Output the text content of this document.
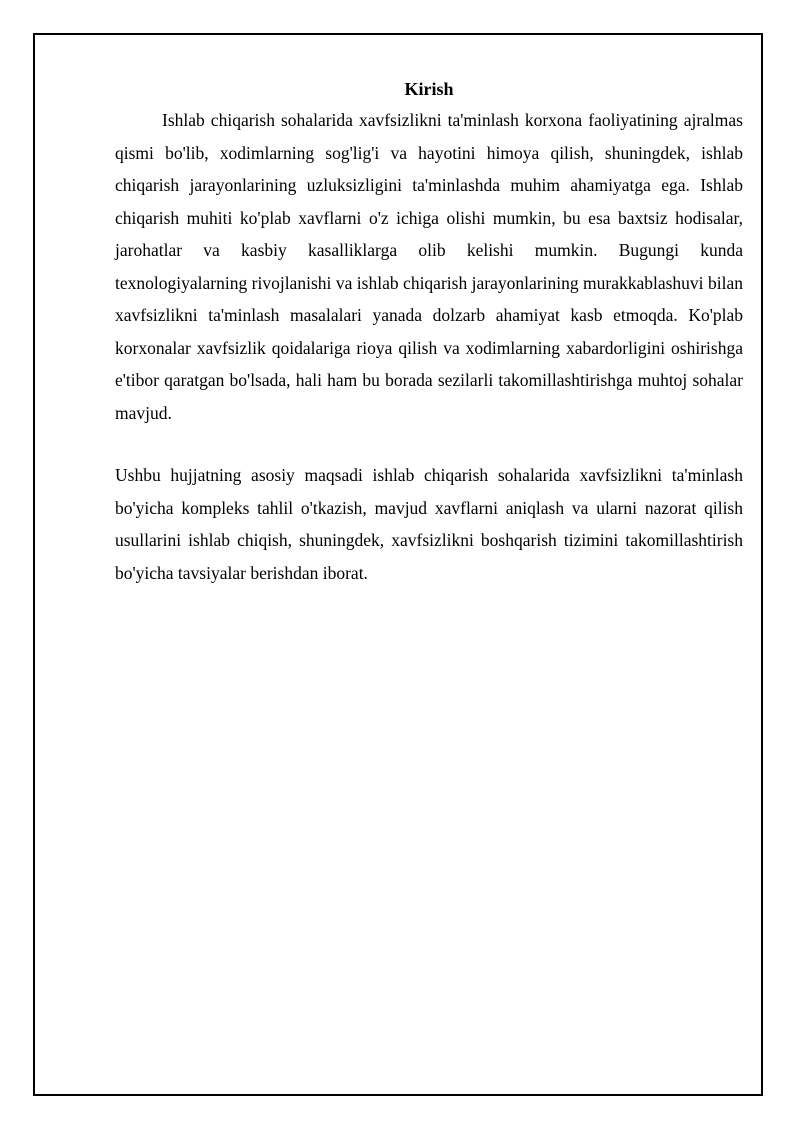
Kirish

Ishlab chiqarish sohalarida xavfsizlikni ta'minlash korxona faoliyatining ajralmas qismi bo'lib, xodimlarning sog'lig'i va hayotini himoya qilish, shuningdek, ishlab chiqarish jarayonlarining uzluksizligini ta'minlashda muhim ahamiyatga ega. Ishlab chiqarish muhiti ko'plab xavflarni o'z ichiga olishi mumkin, bu esa baxtsiz hodisalar, jarohatlar va kasbiy kasalliklarga olib kelishi mumkin. Bugungi kunda texnologiyalarning rivojlanishi va ishlab chiqarish jarayonlarining murakkablashuvi bilan xavfsizlikni ta'minlash masalalari yanada dolzarb ahamiyat kasb etmoqda. Ko'plab korxonalar xavfsizlik qoidalariga rioya qilish va xodimlarning xabardorligini oshirishga e'tibor qaratgan bo'lsada, hali ham bu borada sezilarli takomillashtirishga muhtoj sohalar mavjud.

Ushbu hujjatning asosiy maqsadi ishlab chiqarish sohalarida xavfsizlikni ta'minlash bo'yicha kompleks tahlil o'tkazish, mavjud xavflarni aniqlash va ularni nazorat qilish usullarini ishlab chiqish, shuningdek, xavfsizlikni boshqarish tizimini takomillashtirish bo'yicha tavsiyalar berishdan iborat.
